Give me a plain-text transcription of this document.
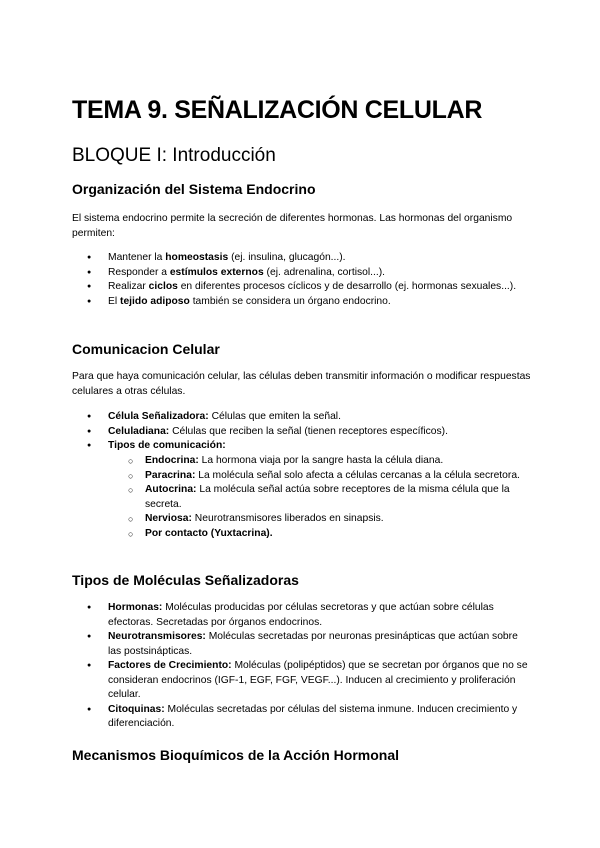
TEMA 9. SEÑALIZACIÓN CELULAR
BLOQUE I: Introducción
Organización del Sistema Endocrino

El sistema endocrino permite la secreción de diferentes hormonas. Las hormonas del organismo permiten:

● Mantener la homeostasis (ej. insulina, glucagón...).
● Responder a estímulos externos (ej. adrenalina, cortisol...).
● Realizar ciclos en diferentes procesos cíclicos y de desarrollo (ej. hormonas sexuales...).
● El tejido adiposo también se considera un órgano endocrino.
Comunicacion Celular

Para que haya comunicación celular, las células deben transmitir información o modificar respuestas celulares a otras células.

● Célula Señalizadora: Células que emiten la señal.
● Celuladiana: Células que reciben la señal (tienen receptores específicos).
● Tipos de comunicación:
○ Endocrina: La hormona viaja por la sangre hasta la célula diana.
○ Paracrina: La molécula señal solo afecta a células cercanas a la célula secretora.
○ Autocrina: La molécula señal actúa sobre receptores de la misma célula que la secreta.
○ Nerviosa: Neurotransmisores liberados en sinapsis.
○ Por contacto (Yuxtacrina).
Tipos de Moléculas Señalizadoras
● Hormonas: Moléculas producidas por células secretoras y que actúan sobre células efectoras. Secretadas por órganos endocrinos.
● Neurotransmisores: Moléculas secretadas por neuronas presinápticas que actúan sobre las postsinápticas.
● Factores de Crecimiento: Moléculas (polipéptidos) que se secretan por órganos que no se consideran endocrinos (IGF-1, EGF, FGF, VEGF...). Inducen al crecimiento y proliferación celular.
● Citoquinas: Moléculas secretadas por células del sistema inmune. Inducen crecimiento y diferenciación.
Mecanismos Bioquímicos de la Acción Hormonal
